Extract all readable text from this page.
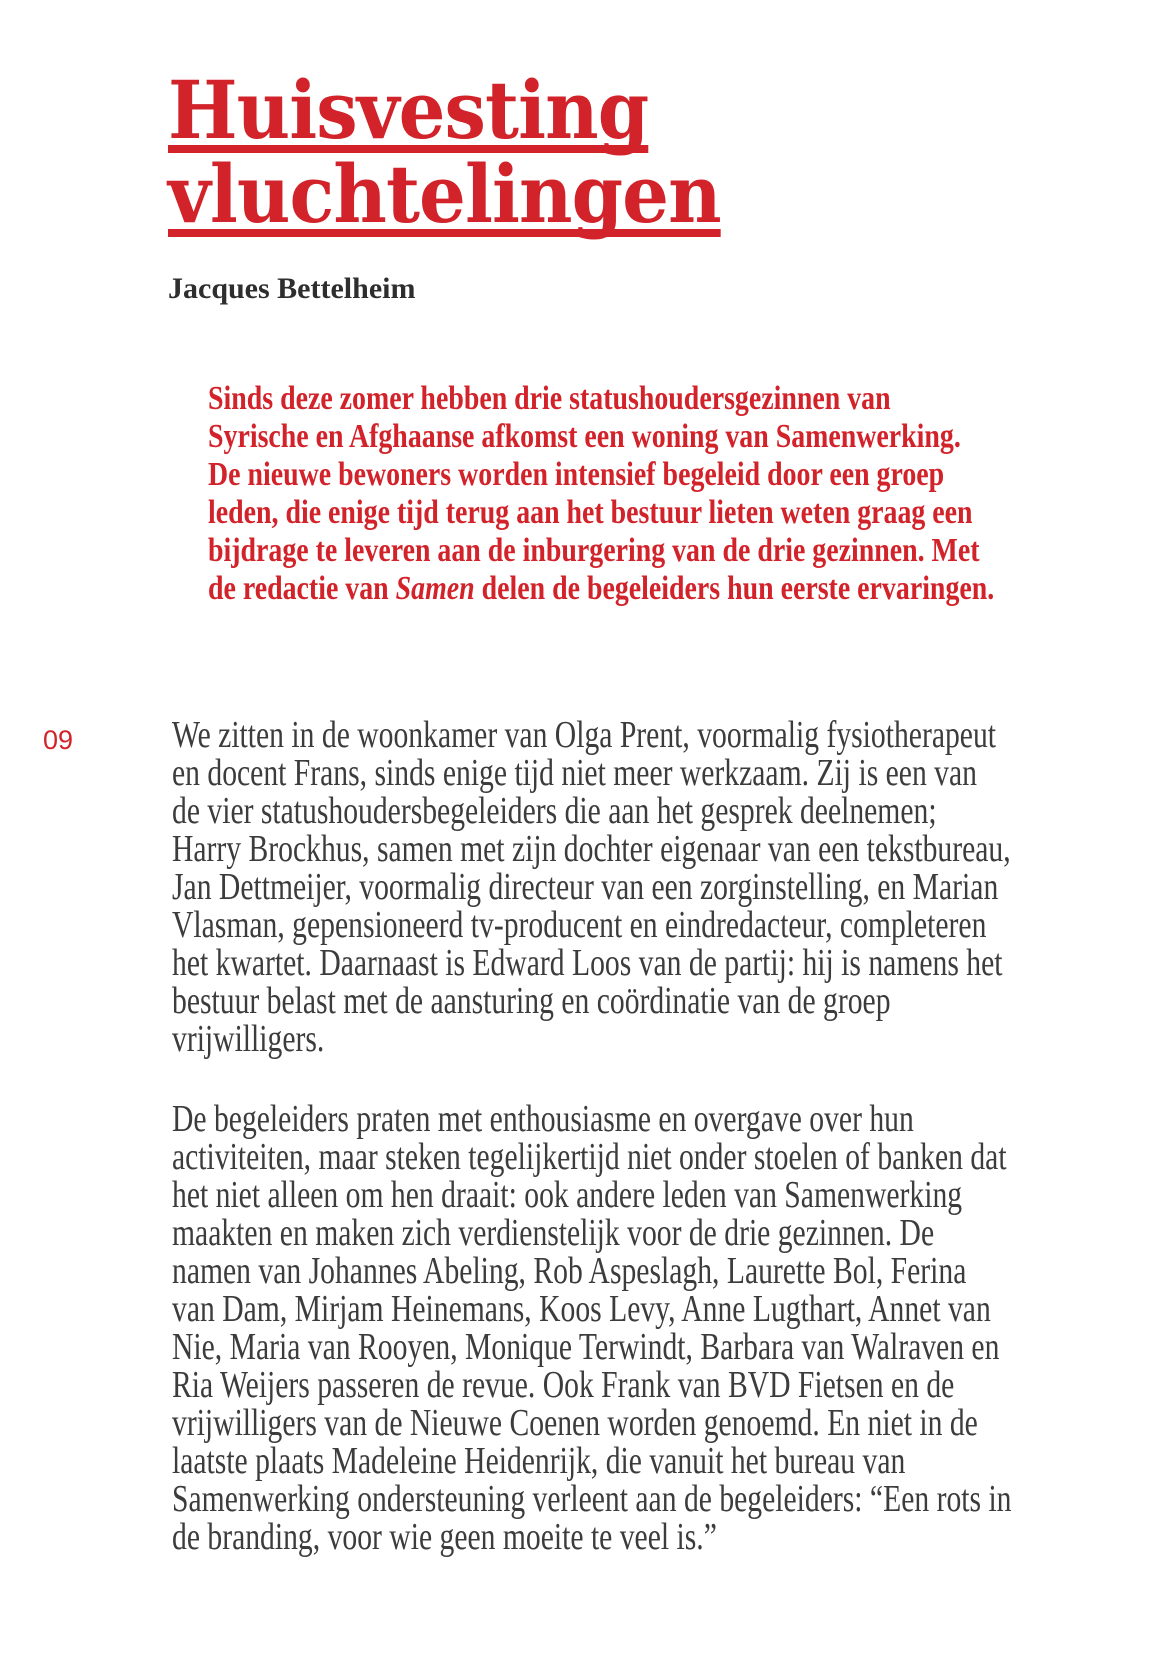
Huisvesting
vluchtelingen

Jacques Bettelheim

Sinds deze zomer hebben drie statushoudersgezinnen van Syrische en Afghaanse afkomst een woning van Samenwerking. De nieuwe bewoners worden intensief begeleid door een groep leden, die enige tijd terug aan het bestuur lieten weten graag een bijdrage te leveren aan de inburgering van de drie gezinnen. Met de redactie van Samen delen de begeleiders hun eerste ervaringen.

09	We zitten in de woonkamer van Olga Prent, voormalig fysiotherapeut en docent Frans, sinds enige tijd niet meer werkzaam. Zij is een van de vier statushoudersbegeleiders die aan het gesprek deelnemen; Harry Brockhus, samen met zijn dochter eigenaar van een tekstbureau, Jan Dettmeijer, voormalig directeur van een zorginstelling, en Marian Vlasman, gepensioneerd tv-producent en eindredacteur, completeren het kwartet. Daarnaast is Edward Loos van de partij: hij is namens het bestuur belast met de aansturing en coördinatie van de groep vrijwilligers.

De begeleiders praten met enthousiasme en overgave over hun activiteiten, maar steken tegelijkertijd niet onder stoelen of banken dat het niet alleen om hen draait: ook andere leden van Samenwerking maakten en maken zich verdienstelijk voor de drie gezinnen. De namen van Johannes Abeling, Rob Aspeslagh, Laurette Bol, Ferina van Dam, Mirjam Heinemans, Koos Levy, Anne Lugthart, Annet van Nie, Maria van Rooyen, Monique Terwindt, Barbara van Walraven en Ria Weijers passeren de revue. Ook Frank van BVD Fietsen en de vrijwilligers van de Nieuwe Coenen worden genoemd. En niet in de laatste plaats Madeleine Heidenrijk, die vanuit het bureau van Samenwerking ondersteuning verleent aan de begeleiders: “Een rots in de branding, voor wie geen moeite te veel is.”
